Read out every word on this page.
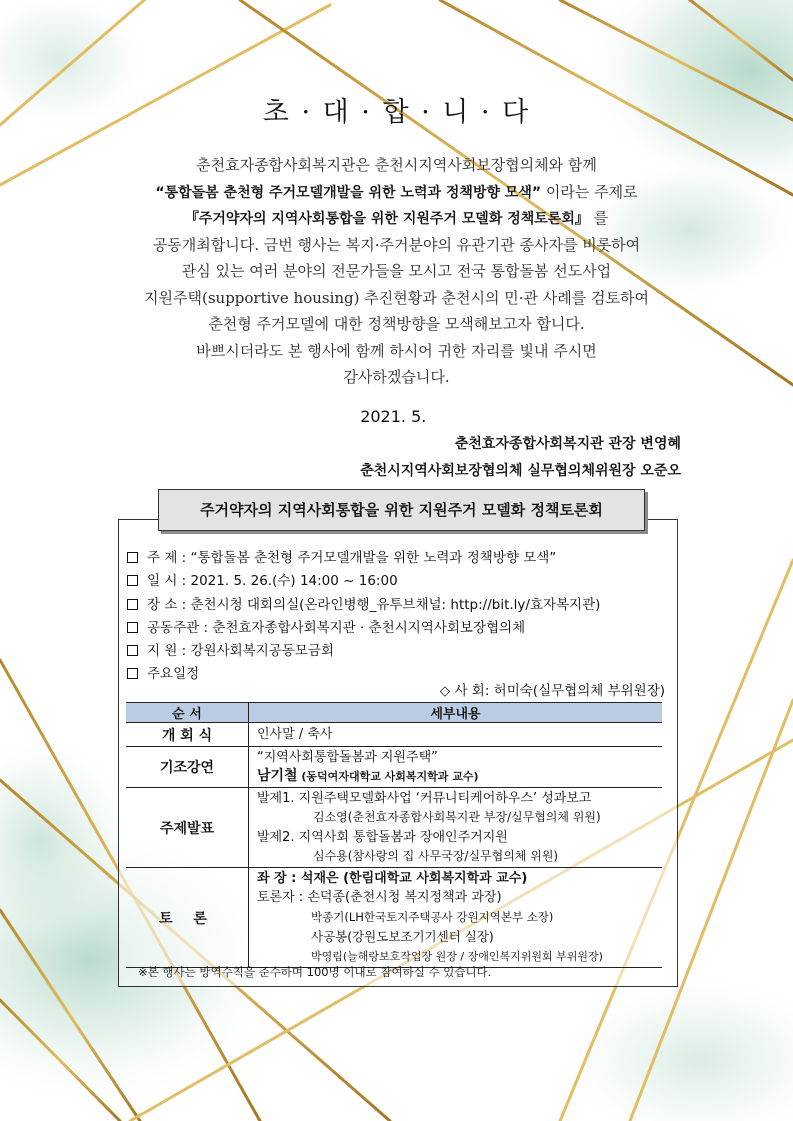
초 · 대 · 합 · 니 · 다
춘천효자종합사회복지관은 춘천시지역사회보장협의체와 함께
“통합돌봄 춘천형 주거모델개발을 위한 노력과 정책방향 모색” 이라는 주제로
『주거약자의 지역사회통합을 위한 지원주거 모델화 정책토론회』 를
공동개최합니다. 금번 행사는 복지·주거분야의 유관기관 종사자를 비롯하여
관심 있는 여러 분야의 전문가들을 모시고 전국 통합돌봄 선도사업
지원주택(supportive housing) 추진현황과 춘천시의 민·관 사례를 검토하여
춘천형 주거모델에 대한 정책방향을 모색해보고자 합니다.
바쁘시더라도 본 행사에 함께 하시어 귀한 자리를 빛내 주시면
감사하겠습니다.
2021. 5.
춘천효자종합사회복지관 관장 변영혜
춘천시지역사회보장협의체 실무협의체위원장 오준오
주거약자의 지역사회통합을 위한 지원주거 모델화 정책토론회
주 제 : “통합돌봄 춘천형 주거모델개발을 위한 노력과 정책방향 모색”
일 시 : 2021. 5. 26.(수) 14:00 ~ 16:00
장 소 : 춘천시청 대회의실(온라인병행_유투브채널: http://bit.ly/효자복지관)
공동주관 : 춘천효자종합사회복지관 · 춘천시지역사회보장협의체
지 원 : 강원사회복지공동모금회
주요일정
◇ 사 회: 허미숙(실무협의체 부위원장)
순 서	세부내용
개 회 식	인사말 / 축사

기조강연	“지역사회통합돌봄과 지원주택”
남기철 (동덕여자대학교 사회복지학과 교수)

주제발표	발제1. 지원주택모델화사업 ‘커뮤니티케어하우스’ 성과보고
김소영(춘천효자종합사회복지관 부장/실무협의체 위원)
발제2. 지역사회 통합돌봄과 장애인주거지원
심수용(참사랑의 집 사무국장/실무협의체 위원)

토 론	좌 장 : 석재은 (한림대학교 사회복지학과 교수)
토론자 : 손덕종(춘천시청 복지정책과 과장)
박종기(LH한국토지주택공사 강원지역본부 소장)
사공봉(강원도보조기기센터 실장)
박영림(늘해랑보호작업장 원장 / 장애인복지위원회 부위원장)
※본 행사는 방역수칙을 준수하며 100명 이내로 참여하실 수 있습니다.
